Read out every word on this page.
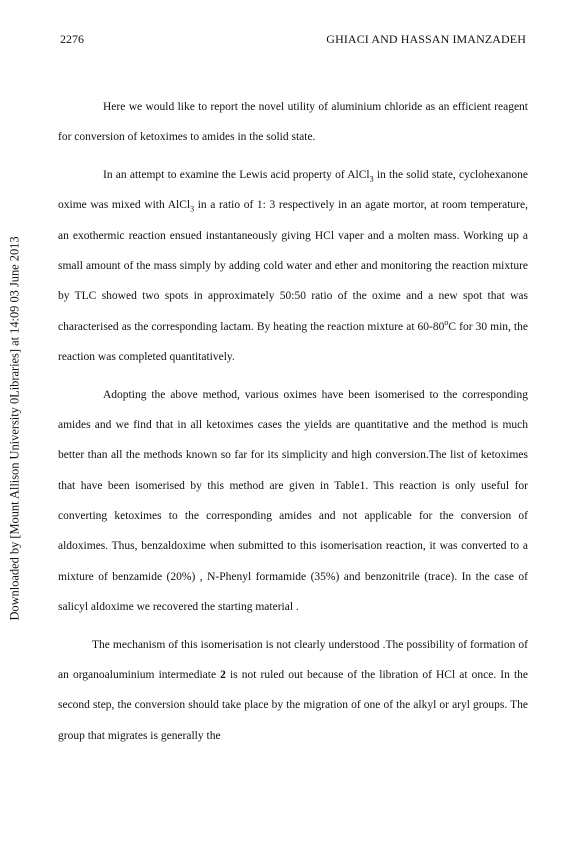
2276	GHIACI AND HASSAN IMANZADEH
Downloaded by [Mount Allison University 0Libraries] at 14:09 03 June 2013

Here we would like to report the novel utility of aluminium chloride as an efficient reagent for conversion of ketoximes to amides in the solid state.

In an attempt to examine the Lewis acid property of AlCl$_3$ in the solid state, cyclohexanone oxime was mixed with AlCl$_3$ in a ratio of 1: 3 respectively in an agate mortor, at room temperature, an exothermic reaction ensued instantaneously giving HCl vaper and a molten mass. Working up a small amount of the mass simply by adding cold water and ether and monitoring the reaction mixture by TLC showed two spots in approximately 50:50 ratio of the oxime and a new spot that was characterised as the corresponding lactam. By heating the reaction mixture at 60-80$^o$C for 30 min, the reaction was completed quantitatively.

Adopting the above method, various oximes have been isomerised to the corresponding amides and we find that in all ketoximes cases the yields are quantitative and the method is much better than all the methods known so far for its simplicity and high conversion.The list of ketoximes that have been isomerised by this method are given in Table1. This reaction is only useful for converting ketoximes to the corresponding amides and not applicable for the conversion of aldoximes. Thus, benzaldoxime when submitted to this isomerisation reaction, it was converted to a mixture of benzamide (20%) , N-Phenyl formamide (35%) and benzonitrile (trace). In the case of salicyl aldoxime we recovered the starting material .

The mechanism of this isomerisation is not clearly understood .The possibility of formation of an organoaluminium intermediate 2 is not ruled out because of the libration of HCl at once. In the second step, the conversion should take place by the migration of one of the alkyl or aryl groups. The group that migrates is generally the
